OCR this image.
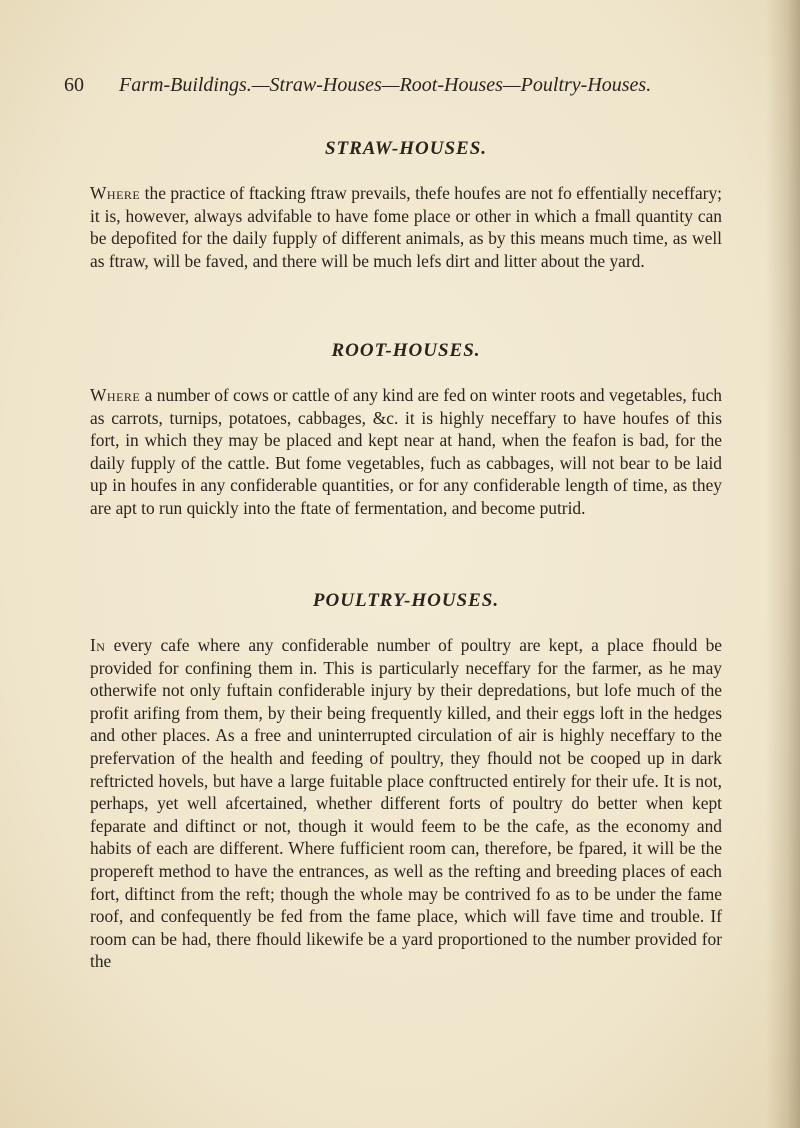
60 Farm-Buildings.—Straw-Houses—Root-Houses—Poultry-Houses.
STRAW-HOUSES.

Where the practice of ftacking ftraw prevails, thefe houfes are not fo effentially neceffary; it is, however, always advifable to have fome place or other in which a fmall quantity can be depofited for the daily fupply of different animals, as by this means much time, as well as ftraw, will be faved, and there will be much lefs dirt and litter about the yard.

ROOT-HOUSES.

Where a number of cows or cattle of any kind are fed on winter roots and vegetables, fuch as carrots, turnips, potatoes, cabbages, &c. it is highly neceffary to have houfes of this fort, in which they may be placed and kept near at hand, when the feafon is bad, for the daily fupply of the cattle. But fome vegetables, fuch as cabbages, will not bear to be laid up in houfes in any confiderable quantities, or for any confiderable length of time, as they are apt to run quickly into the ftate of fermentation, and become putrid.

POULTRY-HOUSES.

In every cafe where any confiderable number of poultry are kept, a place fhould be provided for confining them in. This is particularly neceffary for the farmer, as he may otherwife not only fuftain confiderable injury by their depredations, but lofe much of the profit arifing from them, by their being frequently killed, and their eggs loft in the hedges and other places. As a free and uninterrupted circulation of air is highly neceffary to the prefervation of the health and feeding of poultry, they fhould not be cooped up in dark reftricted hovels, but have a large fuitable place conftructed entirely for their ufe. It is not, perhaps, yet well afcertained, whether different forts of poultry do better when kept feparate and diftinct or not, though it would feem to be the cafe, as the economy and habits of each are different. Where fufficient room can, therefore, be fpared, it will be the propereft method to have the entrances, as well as the refting and breeding places of each fort, diftinct from the reft; though the whole may be contrived fo as to be under the fame roof, and confequently be fed from the fame place, which will fave time and trouble. If room can be had, there fhould likewife be a yard proportioned to the number provided for the
